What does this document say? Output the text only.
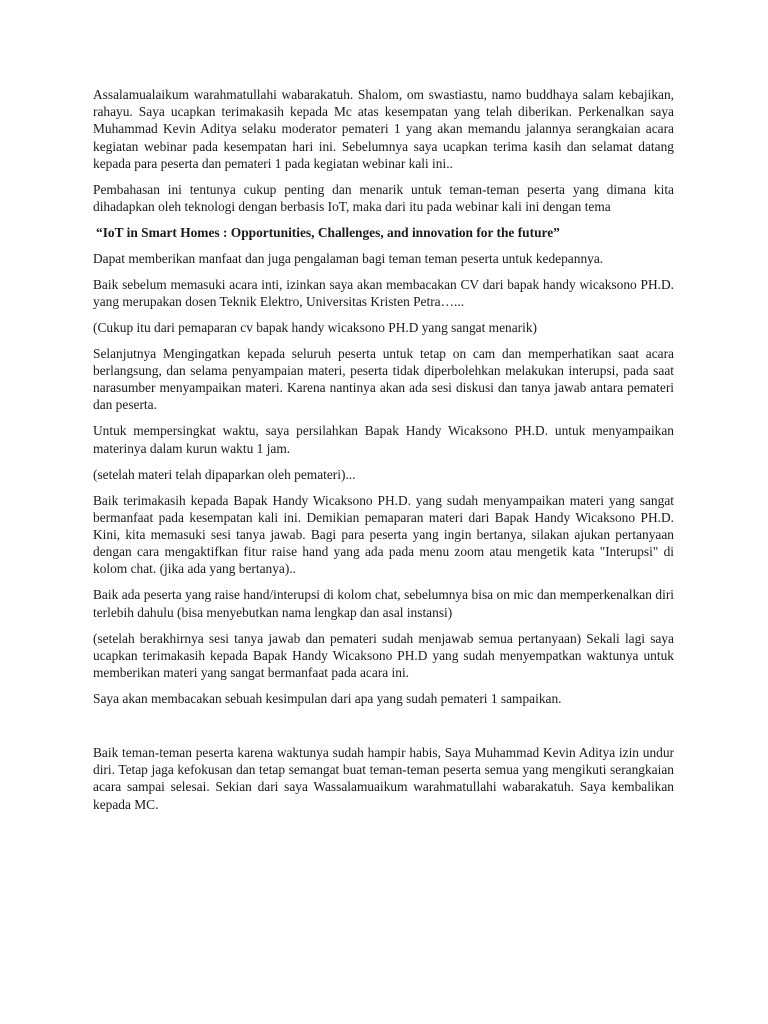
Assalamualaikum warahmatullahi wabarakatuh. Shalom, om swastiastu, namo buddhaya salam kebajikan, rahayu. Saya ucapkan terimakasih kepada Mc atas kesempatan yang telah diberikan. Perkenalkan saya Muhammad Kevin Aditya selaku moderator pemateri 1 yang akan memandu jalannya serangkaian acara kegiatan webinar pada kesempatan hari ini. Sebelumnya saya ucapkan terima kasih dan selamat datang kepada para peserta dan pemateri 1 pada kegiatan webinar kali ini..

Pembahasan ini tentunya cukup penting dan menarik untuk teman-teman peserta yang dimana kita dihadapkan oleh teknologi dengan berbasis IoT, maka dari itu pada webinar kali ini dengan tema

“IoT in Smart Homes : Opportunities, Challenges, and innovation for the future”

Dapat memberikan manfaat dan juga pengalaman bagi teman teman peserta untuk kedepannya.

Baik sebelum memasuki acara inti, izinkan saya akan membacakan CV dari bapak handy wicaksono PH.D. yang merupakan dosen Teknik Elektro, Universitas Kristen Petra…...

(Cukup itu dari pemaparan cv bapak handy wicaksono PH.D yang sangat menarik)

Selanjutnya Mengingatkan kepada seluruh peserta untuk tetap on cam dan memperhatikan saat acara berlangsung, dan selama penyampaian materi, peserta tidak diperbolehkan melakukan interupsi, pada saat narasumber menyampaikan materi. Karena nantinya akan ada sesi diskusi dan tanya jawab antara pemateri dan peserta.

Untuk mempersingkat waktu, saya persilahkan Bapak Handy Wicaksono PH.D. untuk menyampaikan materinya dalam kurun waktu 1 jam.

(setelah materi telah dipaparkan oleh pemateri)...

Baik terimakasih kepada Bapak Handy Wicaksono PH.D. yang sudah menyampaikan materi yang sangat bermanfaat pada kesempatan kali ini. Demikian pemaparan materi dari Bapak Handy Wicaksono PH.D. Kini, kita memasuki sesi tanya jawab. Bagi para peserta yang ingin bertanya, silakan ajukan pertanyaan dengan cara mengaktifkan fitur raise hand yang ada pada menu zoom atau mengetik kata "Interupsi" di kolom chat. (jika ada yang bertanya)..

Baik ada peserta yang raise hand/interupsi di kolom chat, sebelumnya bisa on mic dan memperkenalkan diri terlebih dahulu (bisa menyebutkan nama lengkap dan asal instansi)

(setelah berakhirnya sesi tanya jawab dan pemateri sudah menjawab semua pertanyaan) Sekali lagi saya ucapkan terimakasih kepada Bapak Handy Wicaksono PH.D yang sudah menyempatkan waktunya untuk memberikan materi yang sangat bermanfaat pada acara ini.

Saya akan membacakan sebuah kesimpulan dari apa yang sudah pemateri 1 sampaikan.

Baik teman-teman peserta karena waktunya sudah hampir habis, Saya Muhammad Kevin Aditya izin undur diri. Tetap jaga kefokusan dan tetap semangat buat teman-teman peserta semua yang mengikuti serangkaian acara sampai selesai. Sekian dari saya Wassalamuaikum warahmatullahi wabarakatuh. Saya kembalikan kepada MC.
